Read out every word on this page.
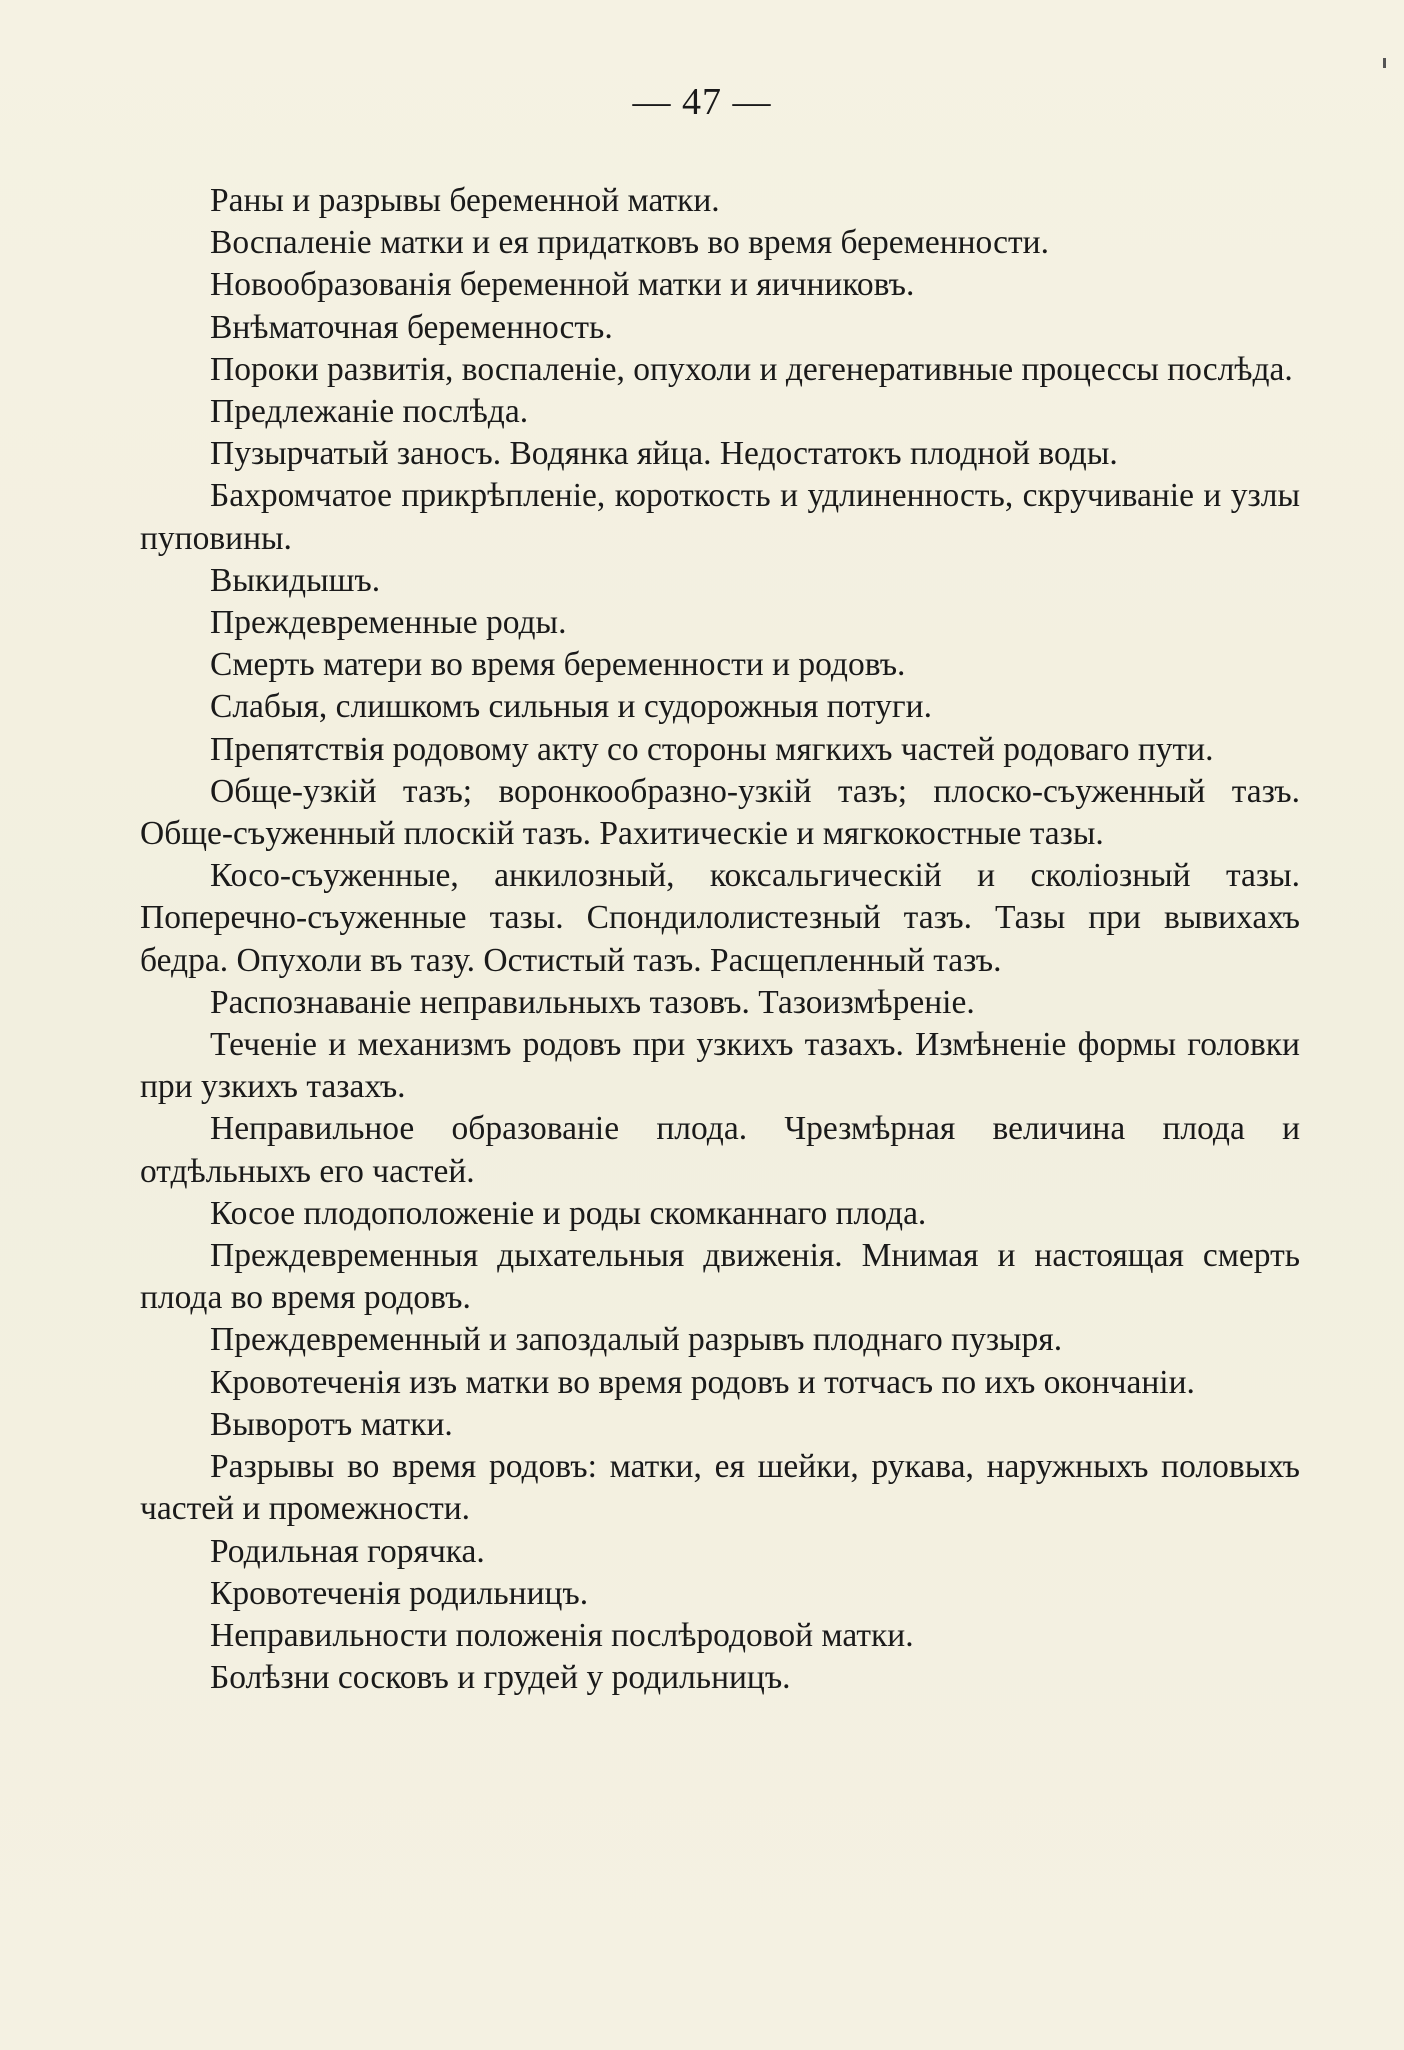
— 47 —

Раны и разрывы беременной матки.

Воспаленіе матки и ея придатковъ во время беременности.

Новообразованія беременной матки и яичниковъ.

Внѣматочная беременность.

Пороки развитія, воспаленіе, опухоли и дегенеративные процессы послѣда.

Предлежаніе послѣда.

Пузырчатый заносъ. Водянка яйца. Недостатокъ плодной воды.

Бахромчатое прикрѣпленіе, короткость и удлиненность, скручиваніе и узлы пуповины.

Выкидышъ.

Преждевременные роды.

Смерть матери во время беременности и родовъ.

Слабыя, слишкомъ сильныя и судорожныя потуги.

Препятствія родовому акту со стороны мягкихъ частей родоваго пути.

Обще-узкій тазъ; воронкообразно-узкій тазъ; плоско-съуженный тазъ. Обще-съуженный плоскій тазъ. Рахитическіе и мягкокостные тазы.

Косо-съуженные, анкилозный, коксальгическій и сколіозный тазы. Поперечно-съуженные тазы. Спондилолистезный тазъ. Тазы при вывихахъ бедра. Опухоли въ тазу. Остистый тазъ. Расщепленный тазъ.

Распознаваніе неправильныхъ тазовъ. Тазоизмѣреніе.

Теченіе и механизмъ родовъ при узкихъ тазахъ. Измѣненіе формы головки при узкихъ тазахъ.

Неправильное образованіе плода. Чрезмѣрная величина плода и отдѣльныхъ его частей.

Косое плодоположеніе и роды скомканнаго плода.

Преждевременныя дыхательныя движенія. Мнимая и настоящая смерть плода во время родовъ.

Преждевременный и запоздалый разрывъ плоднаго пузыря.

Кровотеченія изъ матки во время родовъ и тотчасъ по ихъ окончаніи.

Выворотъ матки.

Разрывы во время родовъ: матки, ея шейки, рукава, наружныхъ половыхъ частей и промежности.

Родильная горячка.

Кровотеченія родильницъ.

Неправильности положенія послѣродовой матки.

Болѣзни сосковъ и грудей у родильницъ.
